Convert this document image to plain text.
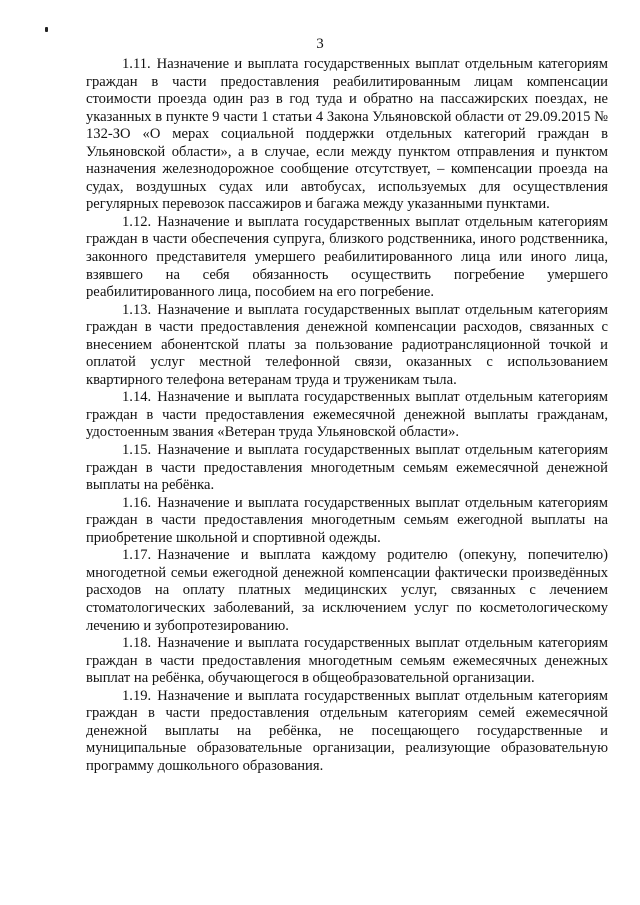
3

1.11. Назначение и выплата государственных выплат отдельным категориям граждан в части предоставления реабилитированным лицам компенсации стоимости проезда один раз в год туда и обратно на пассажирских поездах, не указанных в пункте 9 части 1 статьи 4 Закона Ульяновской области от 29.09.2015 № 132-ЗО «О мерах социальной поддержки отдельных категорий граждан в Ульяновской области», а в случае, если между пунктом отправления и пунктом назначения железнодорожное сообщение отсутствует, – компенсации проезда на судах, воздушных судах или автобусах, используемых для осуществления регулярных перевозок пассажиров и багажа между указанными пунктами.

1.12. Назначение и выплата государственных выплат отдельным категориям граждан в части обеспечения супруга, близкого родственника, иного родственника, законного представителя умершего реабилитированного лица или иного лица, взявшего на себя обязанность осуществить погребение умершего реабилитированного лица, пособием на его погребение.

1.13. Назначение и выплата государственных выплат отдельным категориям граждан в части предоставления денежной компенсации расходов, связанных с внесением абонентской платы за пользование радиотрансляционной точкой и оплатой услуг местной телефонной связи, оказанных с использованием квартирного телефона ветеранам труда и труженикам тыла.

1.14. Назначение и выплата государственных выплат отдельным категориям граждан в части предоставления ежемесячной денежной выплаты гражданам, удостоенным звания «Ветеран труда Ульяновской области».

1.15. Назначение и выплата государственных выплат отдельным категориям граждан в части предоставления многодетным семьям ежемесячной денежной выплаты на ребёнка.

1.16. Назначение и выплата государственных выплат отдельным категориям граждан в части предоставления многодетным семьям ежегодной выплаты на приобретение школьной и спортивной одежды.

1.17. Назначение и выплата каждому родителю (опекуну, попечителю) многодетной семьи ежегодной денежной компенсации фактически произведённых расходов на оплату платных медицинских услуг, связанных с лечением стоматологических заболеваний, за исключением услуг по косметологическому лечению и зубопротезированию.

1.18. Назначение и выплата государственных выплат отдельным категориям граждан в части предоставления многодетным семьям ежемесячных денежных выплат на ребёнка, обучающегося в общеобразовательной организации.

1.19. Назначение и выплата государственных выплат отдельным категориям граждан в части предоставления отдельным категориям семей ежемесячной денежной выплаты на ребёнка, не посещающего государственные и муниципальные образовательные организации, реализующие образовательную программу дошкольного образования.
